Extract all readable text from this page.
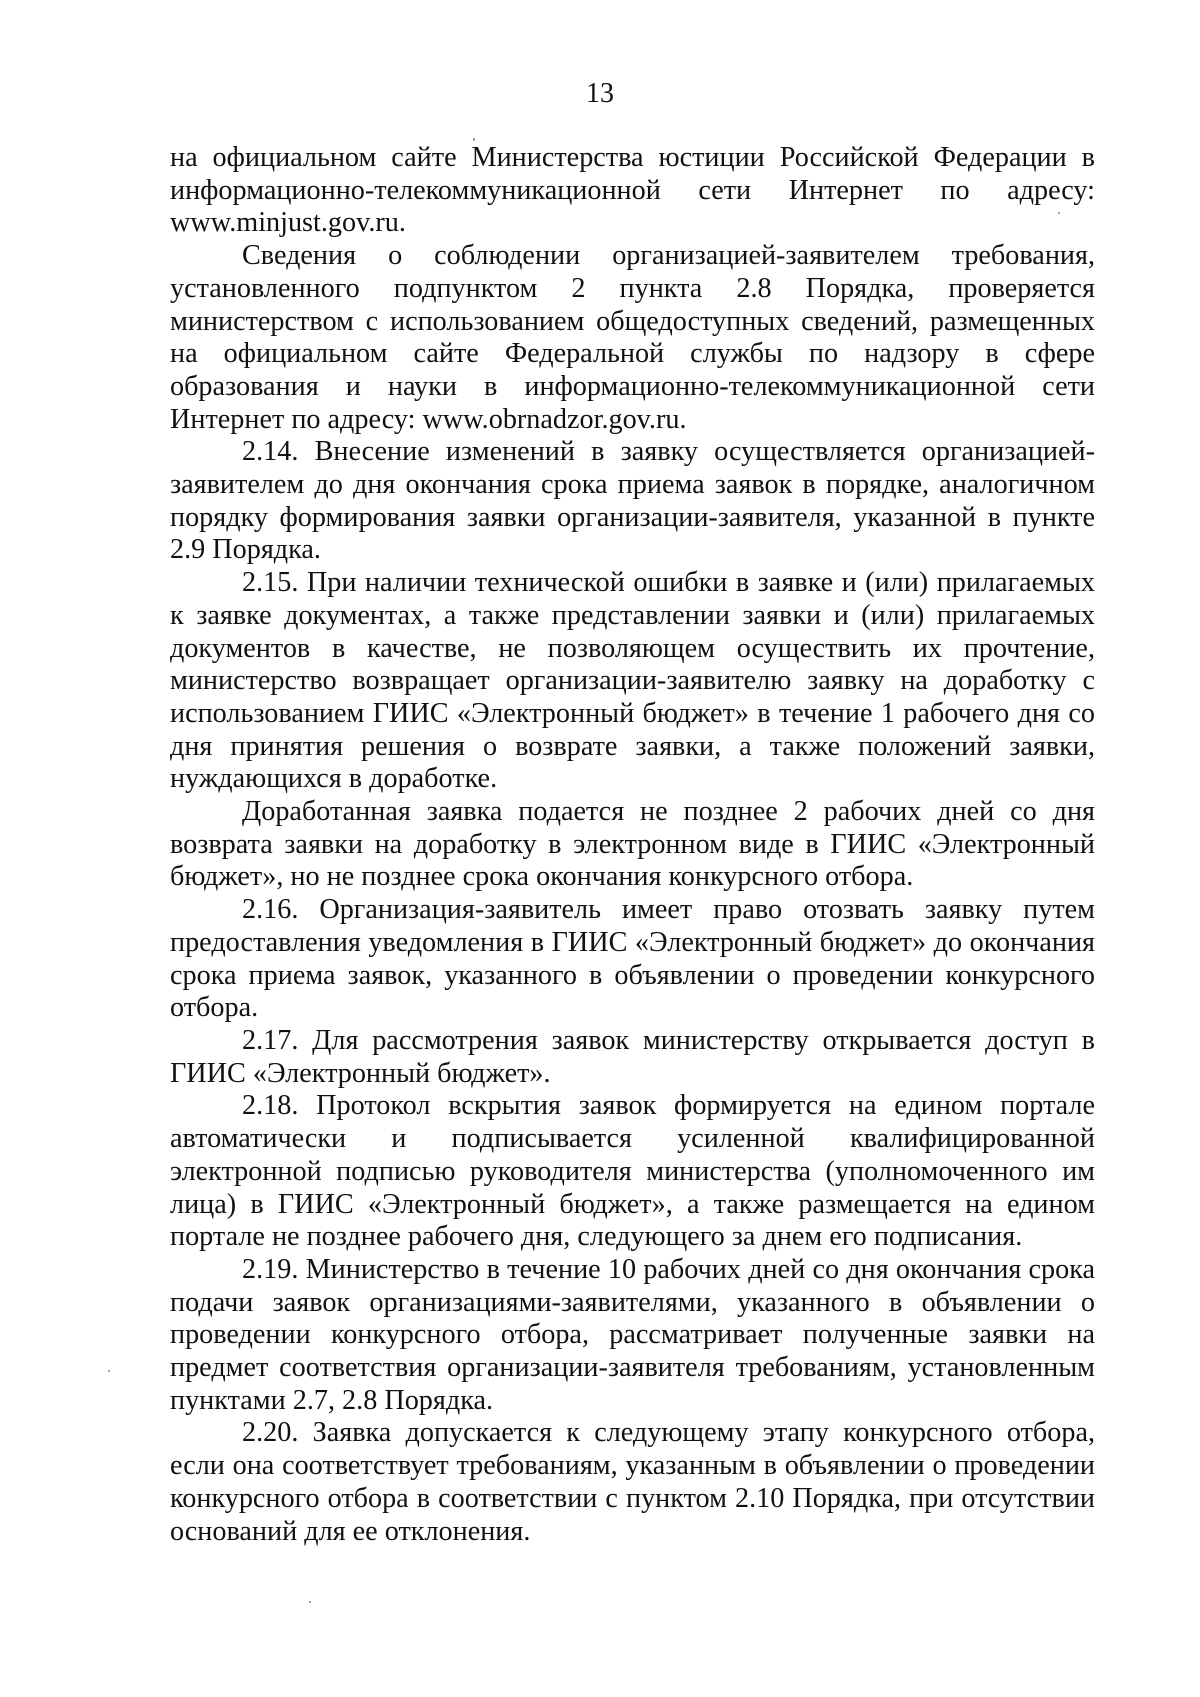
13

на официальном сайте Министерства юстиции Российской Федерации в информационно-телекоммуникационной сети Интернет по адресу: www.minjust.gov.ru.

Сведения о соблюдении организацией-заявителем требования, установленного подпунктом 2 пункта 2.8 Порядка, проверяется министерством с использованием общедоступных сведений, размещенных на официальном сайте Федеральной службы по надзору в сфере образования и науки в информационно-телекоммуникационной сети Интернет по адресу: www.obrnadzor.gov.ru.

2.14. Внесение изменений в заявку осуществляется организацией-заявителем до дня окончания срока приема заявок в порядке, аналогичном порядку формирования заявки организации-заявителя, указанной в пункте 2.9 Порядка.

2.15. При наличии технической ошибки в заявке и (или) прилагаемых к заявке документах, а также представлении заявки и (или) прилагаемых документов в качестве, не позволяющем осуществить их прочтение, министерство возвращает организации-заявителю заявку на доработку с использованием ГИИС «Электронный бюджет» в течение 1 рабочего дня со дня принятия решения о возврате заявки, а также положений заявки, нуждающихся в доработке.

Доработанная заявка подается не позднее 2 рабочих дней со дня возврата заявки на доработку в электронном виде в ГИИС «Электронный бюджет», но не позднее срока окончания конкурсного отбора.

2.16. Организация-заявитель имеет право отозвать заявку путем предоставления уведомления в ГИИС «Электронный бюджет» до окончания срока приема заявок, указанного в объявлении о проведении конкурсного отбора.

2.17. Для рассмотрения заявок министерству открывается доступ в ГИИС «Электронный бюджет».

2.18. Протокол вскрытия заявок формируется на едином портале автоматически и подписывается усиленной квалифицированной электронной подписью руководителя министерства (уполномоченного им лица) в ГИИС «Электронный бюджет», а также размещается на едином портале не позднее рабочего дня, следующего за днем его подписания.

2.19. Министерство в течение 10 рабочих дней со дня окончания срока подачи заявок организациями-заявителями, указанного в объявлении о проведении конкурсного отбора, рассматривает полученные заявки на предмет соответствия организации-заявителя требованиям, установленным пунктами 2.7, 2.8 Порядка.

2.20. Заявка допускается к следующему этапу конкурсного отбора, если она соответствует требованиям, указанным в объявлении о проведении конкурсного отбора в соответствии с пунктом 2.10 Порядка, при отсутствии оснований для ее отклонения.
